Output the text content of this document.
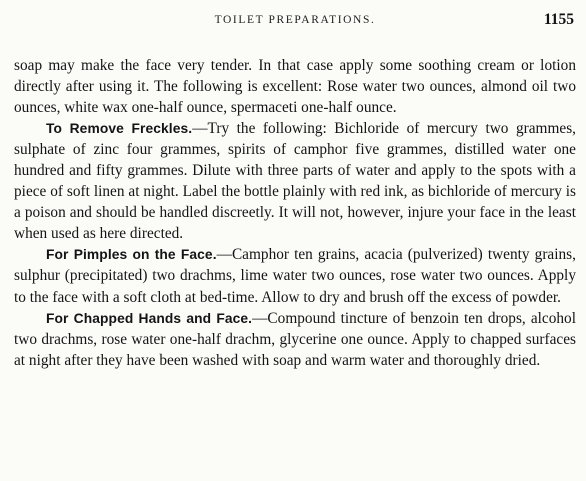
TOILET PREPARATIONS.	1155

soap may make the face very tender. In that case apply some soothing cream or lotion directly after using it. The following is excellent: Rose water two ounces, almond oil two ounces, white wax one-half ounce, spermaceti one-half ounce.

To Remove Freckles.—Try the following: Bichloride of mercury two grammes, sulphate of zinc four grammes, spirits of camphor five grammes, distilled water one hundred and fifty grammes. Dilute with three parts of water and apply to the spots with a piece of soft linen at night. Label the bottle plainly with red ink, as bichloride of mercury is a poison and should be handled discreetly. It will not, however, injure your face in the least when used as here directed.

For Pimples on the Face.—Camphor ten grains, acacia (pulverized) twenty grains, sulphur (precipitated) two drachms, lime water two ounces, rose water two ounces. Apply to the face with a soft cloth at bed-time. Allow to dry and brush off the excess of powder.

For Chapped Hands and Face.—Compound tincture of benzoin ten drops, alcohol two drachms, rose water one-half drachm, glycerine one ounce. Apply to chapped surfaces at night after they have been washed with soap and warm water and thoroughly dried.
